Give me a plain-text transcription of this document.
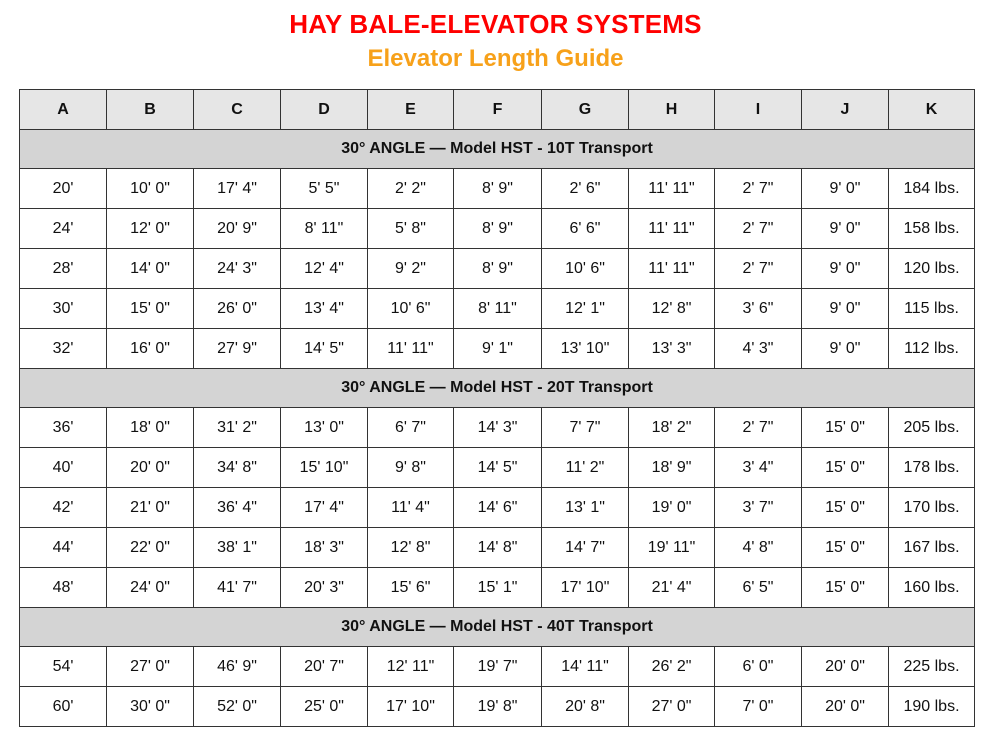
HAY BALE-ELEVATOR SYSTEMS
Elevator Length Guide
A	B	C	D	E	F	G	H	I	J	K
30° ANGLE — Model HST - 10T Transport										
20'	10' 0"	17' 4"	5' 5"	2' 2"	8' 9"	2' 6"	11' 11"	2' 7"	9' 0"	184 lbs.
24'	12' 0"	20' 9"	8' 11"	5' 8"	8' 9"	6' 6"	11' 11"	2' 7"	9' 0"	158 lbs.
28'	14' 0"	24' 3"	12' 4"	9' 2"	8' 9"	10' 6"	11' 11"	2' 7"	9' 0"	120 lbs.
30'	15' 0"	26' 0"	13' 4"	10' 6"	8' 11"	12' 1"	12' 8"	3' 6"	9' 0"	115 lbs.
32'	16' 0"	27' 9"	14' 5"	11' 11"	9' 1"	13' 10"	13' 3"	4' 3"	9' 0"	112 lbs.
30° ANGLE — Model HST - 20T Transport										
36'	18' 0"	31' 2"	13' 0"	6' 7"	14' 3"	7' 7"	18' 2"	2' 7"	15' 0"	205 lbs.
40'	20' 0"	34' 8"	15' 10"	9' 8"	14' 5"	11' 2"	18' 9"	3' 4"	15' 0"	178 lbs.
42'	21' 0"	36' 4"	17' 4"	11' 4"	14' 6"	13' 1"	19' 0"	3' 7"	15' 0"	170 lbs.
44'	22' 0"	38' 1"	18' 3"	12' 8"	14' 8"	14' 7"	19' 11"	4' 8"	15' 0"	167 lbs.
48'	24' 0"	41' 7"	20' 3"	15' 6"	15' 1"	17' 10"	21' 4"	6' 5"	15' 0"	160 lbs.
30° ANGLE — Model HST - 40T Transport										
54'	27' 0"	46' 9"	20' 7"	12' 11"	19' 7"	14' 11"	26' 2"	6' 0"	20' 0"	225 lbs.
60'	30' 0"	52' 0"	25' 0"	17' 10"	19' 8"	20' 8"	27' 0"	7' 0"	20' 0"	190 lbs.
